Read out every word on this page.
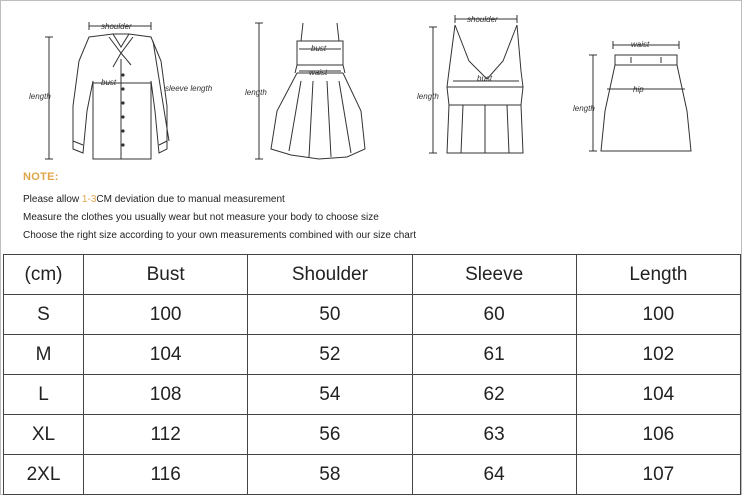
shoulder
bust
sleeve length
length
bust
waist
length
shoulder
bust
length
waist
hip
length
NOTE:
Please allow 1-3CM deviation due to manual measurement
Measure the clothes you usually wear but not measure your body to choose size
Choose the right size according to your own measurements combined with our size chart
(cm)	Bust	Shoulder	Sleeve	Length
S	100	50	60	100
M	104	52	61	102
L	108	54	62	104
XL	112	56	63	106
2XL	116	58	64	107
